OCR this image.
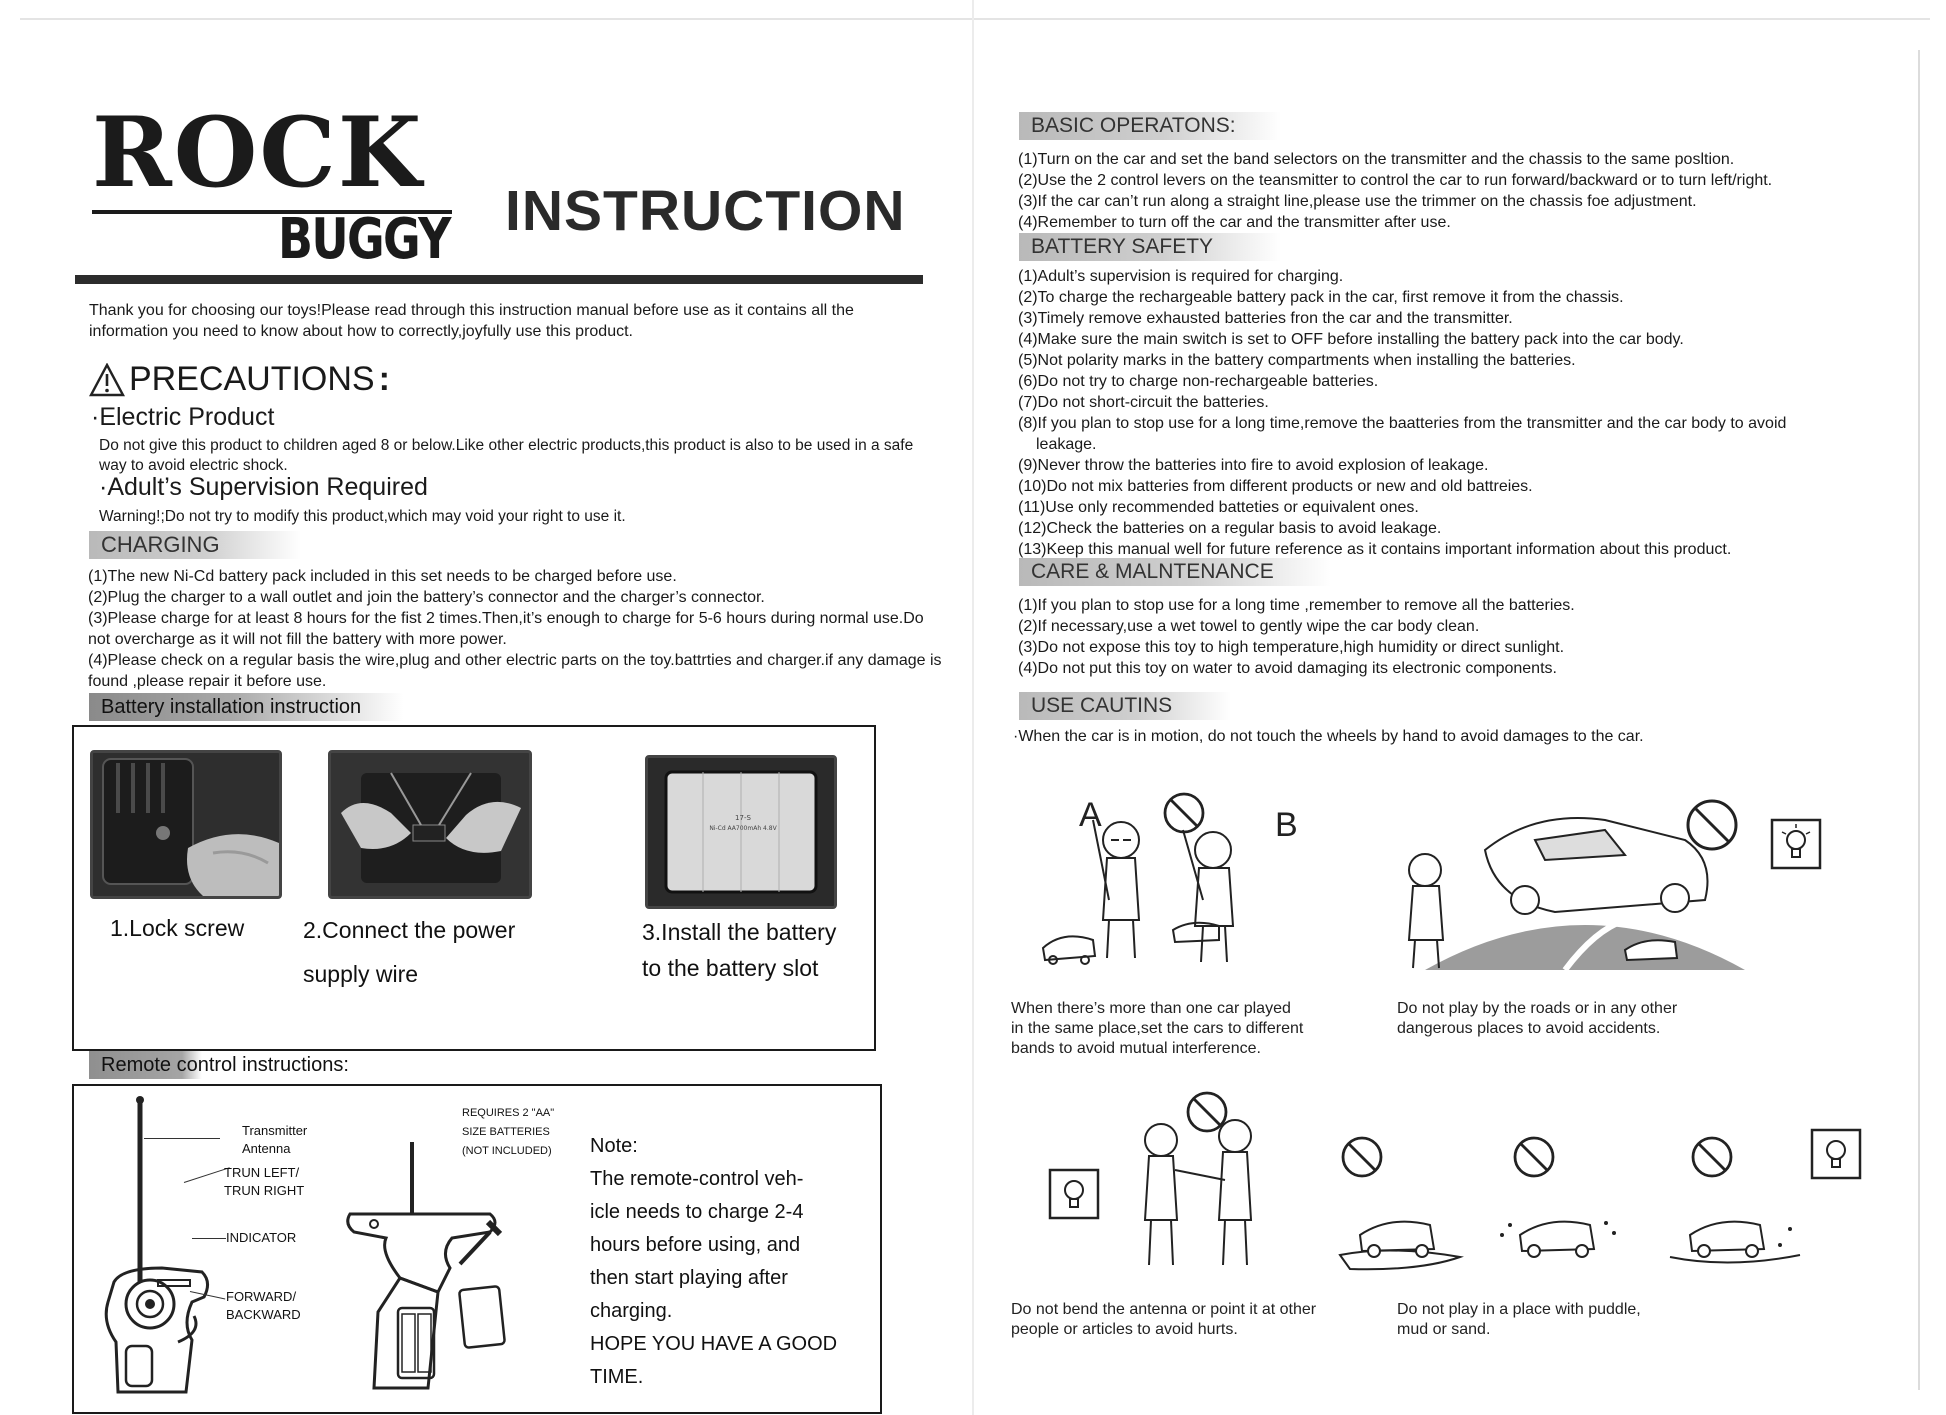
ROCK
BUGGY INSTRUCTION
Thank you for choosing our toys!Please read through this instruction manual before use as it contains all the information you need to know about how to correctly,joyfully use this product.
PRECAUTIONS :
·Electric Product
Do not give this product to children aged 8 or below.Like other electric products,this product is also to be used in a safe way to avoid electric shock.
·Adult’s Supervision Required
Warning!;Do not try to modify this product,which may void your right to use it.
CHARGING
(1)The new Ni-Cd battery pack included in this set needs to be charged before use.
(2)Plug the charger to a wall outlet and join the battery’s connector and the charger’s connector.
(3)Please charge for at least 8 hours for the fist 2 times.Then,it’s enough to charge for 5-6 hours during normal use.Do not overcharge as it will not fill the battery with more power.
(4)Please check on a regular basis the wire,plug and other electric parts on the toy.battrties and charger.if any damage is found ,please repair it before use.
Battery installation instruction
17-S
Ni-Cd AA700mAh 4.8V
1.Lock screw	2.Connect the power
supply wire
3.Install the battery
to the battery slot
Remote control instructions:
Transmitter
Antenna
TRUN LEFT/
TRUN RIGHT
INDICATOR
FORWARD/
BACKWARD
REQUIRES 2 "AA"
SIZE BATTERIES
(NOT INCLUDED) Note:
The remote-control veh-
icle needs to charge 2-4
hours before using, and
then start playing after
charging.
HOPE YOU HAVE A GOOD
TIME.
BASIC OPERATONS:
(1)Turn on the car and set the band selectors on the transmitter and the chassis to the same posltion.
(2)Use the 2 control levers on the teansmitter to control the car to run forward/backward or to turn left/right.
(3)If the car can’t run along a straight line,please use the trimmer on the chassis foe adjustment.
(4)Remember to turn off the car and the transmitter after use.
BATTERY SAFETY
(1)Adult’s supervision is required for charging.
(2)To charge the rechargeable battery pack in the car, first remove it from the chassis.
(3)Timely remove exhausted batteries fron the car and the transmitter.
(4)Make sure the main switch is set to OFF before installing the battery pack into the car body.
(5)Not polarity marks in the battery compartments when installing the batteries.
(6)Do not try to charge non-rechargeable batteries.
(7)Do not short-circuit the batteries.
(8)If you plan to stop use for a long time,remove the baatteries from the transmitter and the car body to avoid
leakage.
(9)Never throw the batteries into fire to avoid explosion of leakage.
(10)Do not mix batteries from different products or new and old battreies.
(11)Use only recommended batteties or equivalent ones.
(12)Check the batteries on a regular basis to avoid leakage.
(13)Keep this manual well for future reference as it contains important information about this product.
CARE & MALNTENANCE
(1)If you plan to stop use for a long time ,remember to remove all the batteries.
(2)If necessary,use a wet towel to gently wipe the car body clean.
(3)Do not expose this toy to high temperature,high humidity or direct sunlight.
(4)Do not put this toy on water to avoid damaging its electronic components.
USE CAUTINS
·When the car is in motion, do not touch the wheels by hand to avoid damages to the car.
A	B
When there’s more than one car played
in the same place,set the cars to different
bands to avoid mutual interference.
Do not play by the roads or in any other
dangerous places to avoid accidents.
Do not bend the antenna or point it at other
people or articles to avoid hurts.
Do not play in a place with puddle,
mud or sand.
